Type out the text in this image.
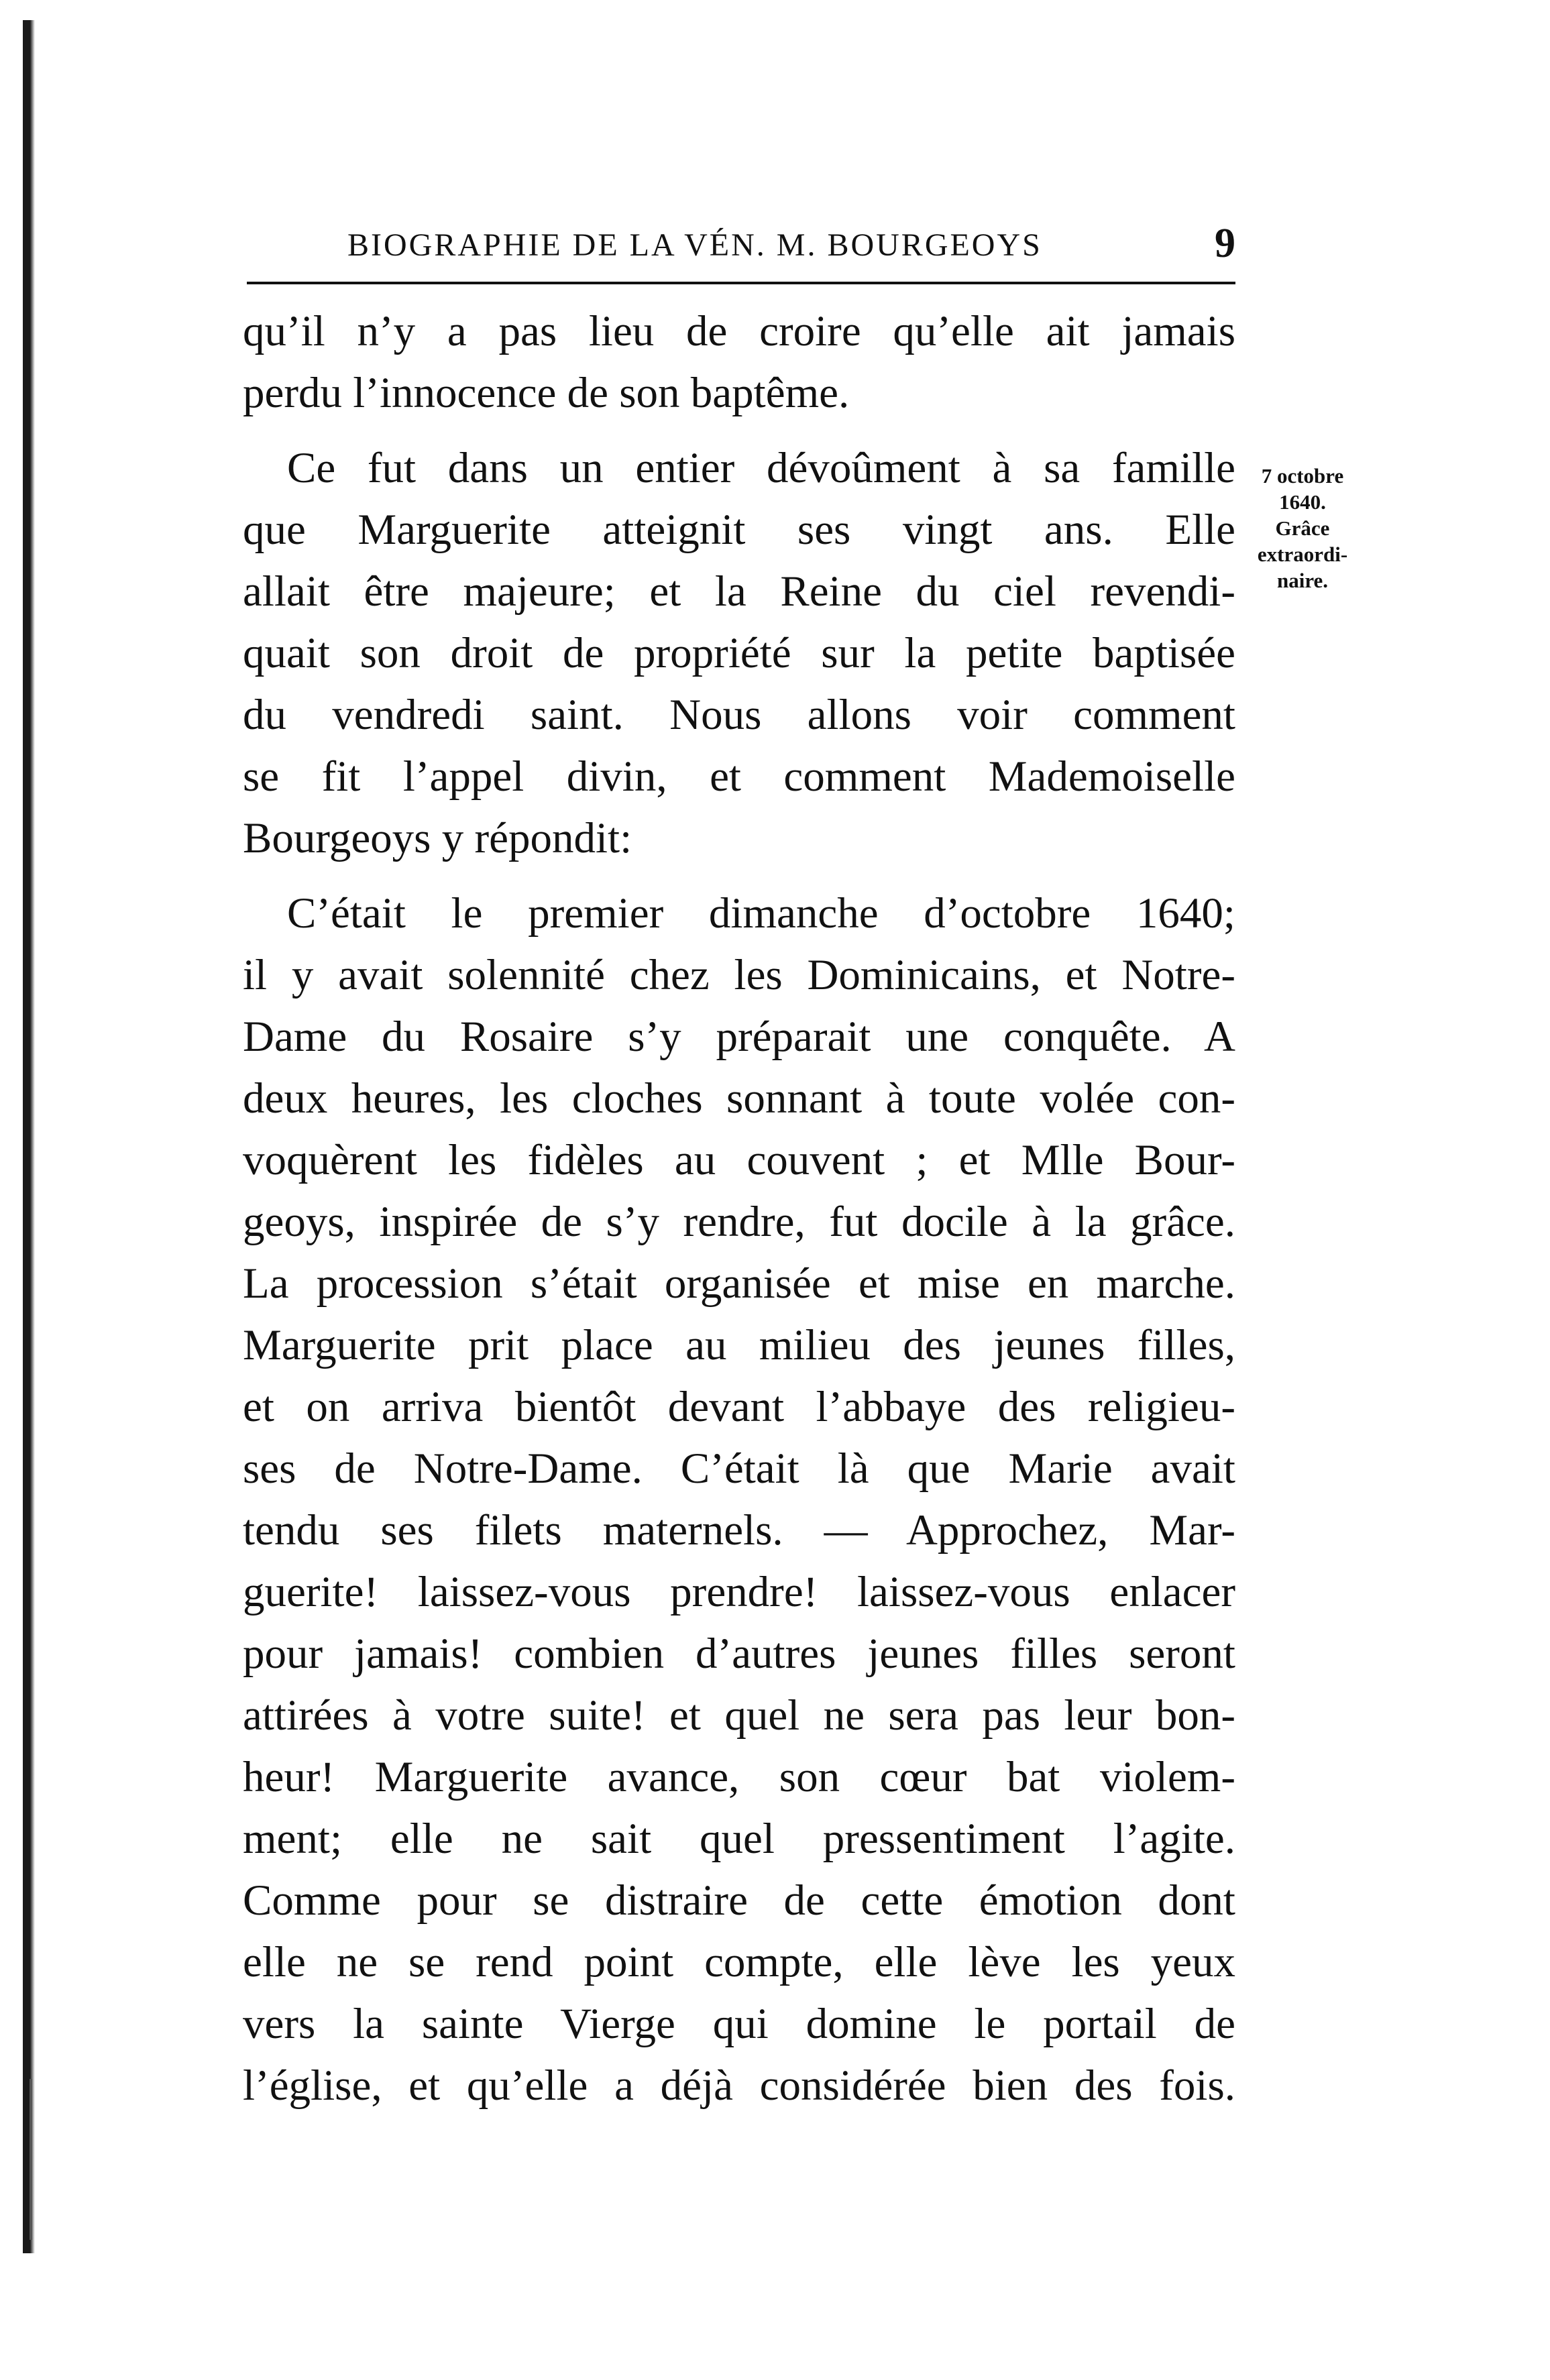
BIOGRAPHIE DE LA VÉN. M. BOURGEOYS	9
qu’il n’y a pas lieu de croire qu’elle ait jamais
perdu l’innocence de son baptême.
Ce fut dans un entier dévoûment à sa famille
que Marguerite atteignit ses vingt ans. Elle
allait être majeure; et la Reine du ciel revendi-
quait son droit de propriété sur la petite baptisée
du vendredi saint. Nous allons voir comment
se fit l’appel divin, et comment Mademoiselle
Bourgeoys y répondit:
C’était le premier dimanche d’octobre 1640;
il y avait solennité chez les Dominicains, et Notre-
Dame du Rosaire s’y préparait une conquête. A
deux heures, les cloches sonnant à toute volée con-
voquèrent les fidèles au couvent ; et Mlle Bour-
geoys, inspirée de s’y rendre, fut docile à la grâce.
La procession s’était organisée et mise en marche.
Marguerite prit place au milieu des jeunes filles,
et on arriva bientôt devant l’abbaye des religieu-
ses de Notre-Dame. C’était là que Marie avait
tendu ses filets maternels. — Approchez, Mar-
guerite! laissez-vous prendre! laissez-vous enlacer
pour jamais! combien d’autres jeunes filles seront
attirées à votre suite! et quel ne sera pas leur bon-
heur! Marguerite avance, son cœur bat violem-
ment; elle ne sait quel pressentiment l’agite.
Comme pour se distraire de cette émotion dont
elle ne se rend point compte, elle lève les yeux
vers la sainte Vierge qui domine le portail de
l’église, et qu’elle a déjà considérée bien des fois.
7 octobre
1640.
Grâce
extraordi-
naire.
